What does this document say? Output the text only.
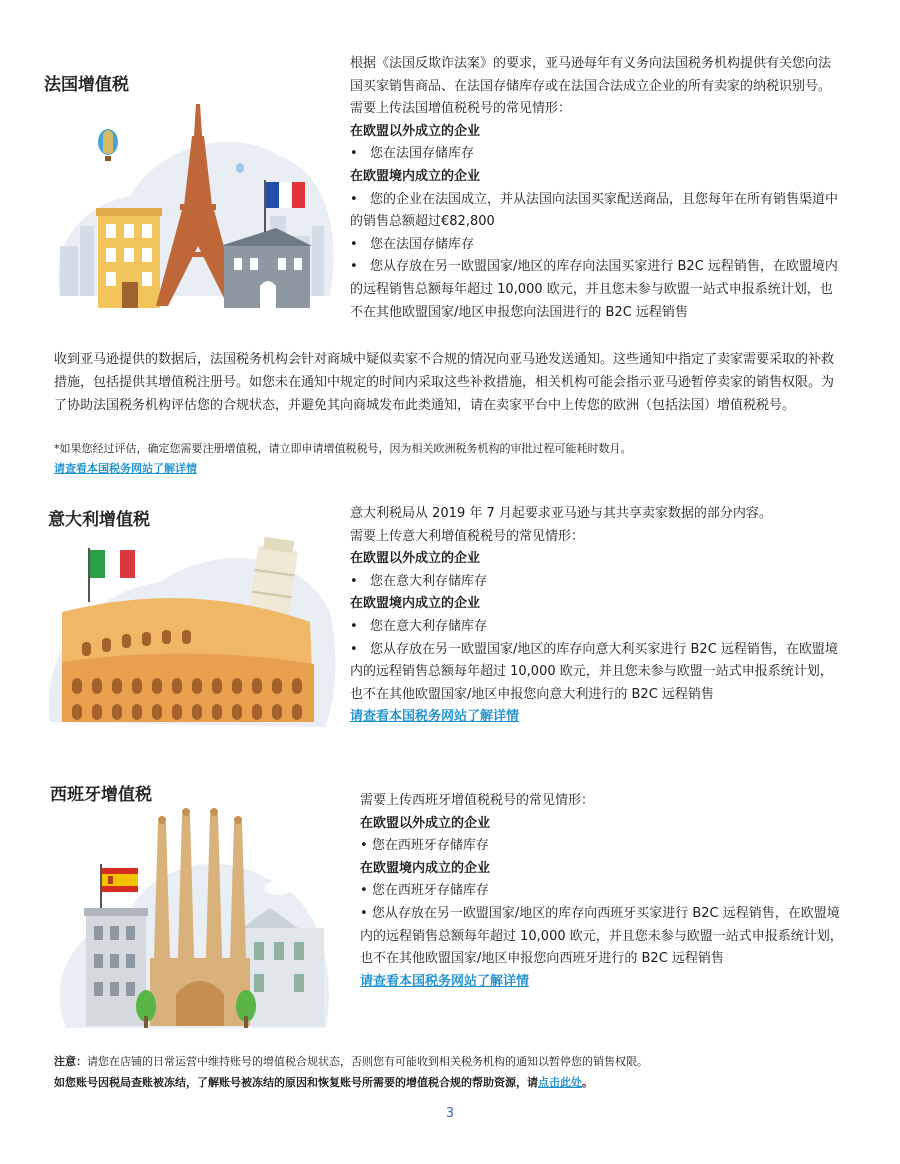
法国增值税
根据《法国反欺诈法案》的要求，亚马逊每年有义务向法国税务机构提供有关您向法
国买家销售商品、在法国存储库存或在法国合法成立企业的所有卖家的纳税识别号。
需要上传法国增值税税号的常见情形：
在欧盟以外成立的企业
• 您在法国存储库存
在欧盟境内成立的企业
• 您的企业在法国成立，并从法国向法国买家配送商品，且您每年在所有销售渠道中
的销售总额超过€82,800
• 您在法国存储库存
• 您从存放在另一欧盟国家/地区的库存向法国买家进行 B2C 远程销售，在欧盟境内
的远程销售总额每年超过 10,000 欧元，并且您未参与欧盟一站式申报系统计划，也
不在其他欧盟国家/地区申报您向法国进行的 B2C 远程销售
收到亚马逊提供的数据后，法国税务机构会针对商城中疑似卖家不合规的情况向亚马逊发送通知。这些通知中指定了卖家需要采取的补救
措施，包括提供其增值税注册号。如您未在通知中规定的时间内采取这些补救措施，相关机构可能会指示亚马逊暂停卖家的销售权限。为
了协助法国税务机构评估您的合规状态，并避免其向商城发布此类通知，请在卖家平台中上传您的欧洲（包括法国）增值税税号。
*如果您经过评估，确定您需要注册增值税，请立即申请增值税税号，因为相关欧洲税务机构的审批过程可能耗时数月。
请查看本国税务网站了解详情
意大利增值税	意大利税局从 2019 年 7 月起要求亚马逊与其共享卖家数据的部分内容。
需要上传意大利增值税税号的常见情形：
在欧盟以外成立的企业
• 您在意大利存储库存
在欧盟境内成立的企业
• 您在意大利存储库存
• 您从存放在另一欧盟国家/地区的库存向意大利买家进行 B2C 远程销售，在欧盟境
内的远程销售总额每年超过 10,000 欧元，并且您未参与欧盟一站式申报系统计划，
也不在其他欧盟国家/地区申报您向意大利进行的 B2C 远程销售
请查看本国税务网站了解详情
西班牙增值税	需要上传西班牙增值税税号的常见情形：
在欧盟以外成立的企业
• 您在西班牙存储库存
在欧盟境内成立的企业
• 您在西班牙存储库存
• 您从存放在另一欧盟国家/地区的库存向西班牙买家进行 B2C 远程销售，在欧盟境
内的远程销售总额每年超过 10,000 欧元，并且您未参与欧盟一站式申报系统计划，
也不在其他欧盟国家/地区申报您向西班牙进行的 B2C 远程销售
请查看本国税务网站了解详情
注意：请您在店铺的日常运营中维持账号的增值税合规状态，否则您有可能收到相关税务机构的通知以暂停您的销售权限。
如您账号因税局查账被冻结，了解账号被冻结的原因和恢复账号所需要的增值税合规的帮助资源，请点击此处。
3
